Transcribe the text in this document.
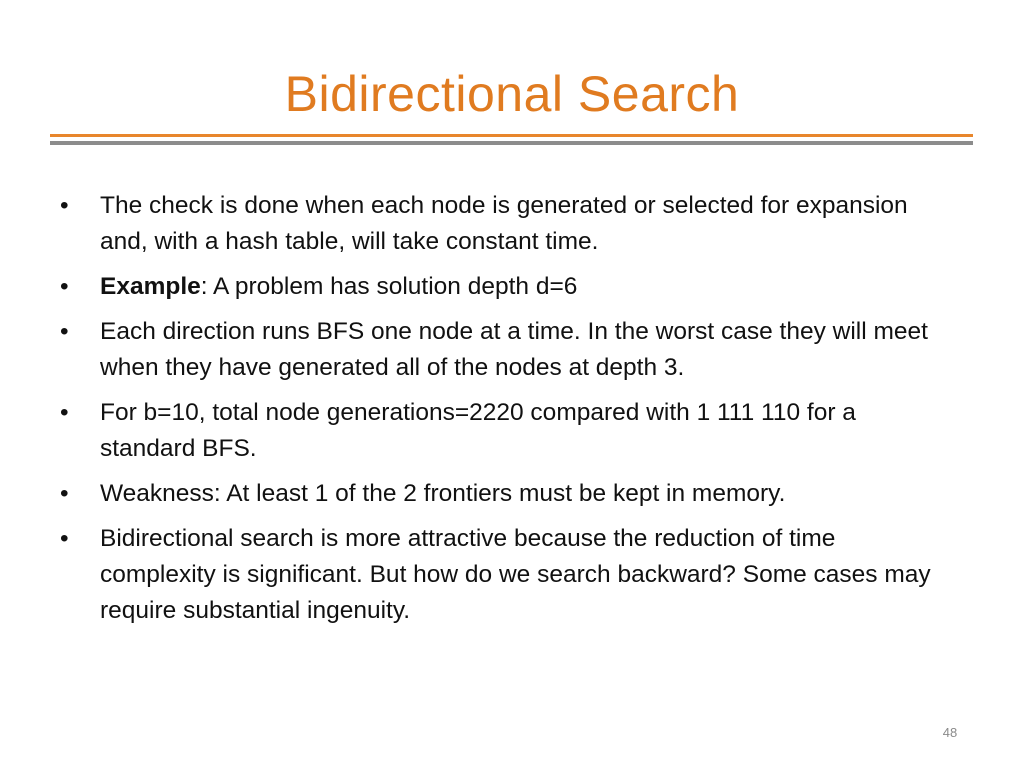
Bidirectional Search
•	The check is done when each node is generated or selected for expansion and, with a hash table, will take constant time.
•	Example: A problem has solution depth d=6
•	Each direction runs BFS one node at a time. In the worst case they will meet when they have generated all of the nodes at depth 3.
•	For b=10, total node generations=2220 compared with 1 111 110 for a standard BFS.
•	Weakness: At least 1 of the 2 frontiers must be kept in memory.
•	Bidirectional search is more attractive because the reduction of time complexity is significant. But how do we search backward? Some cases may require substantial ingenuity.
48
